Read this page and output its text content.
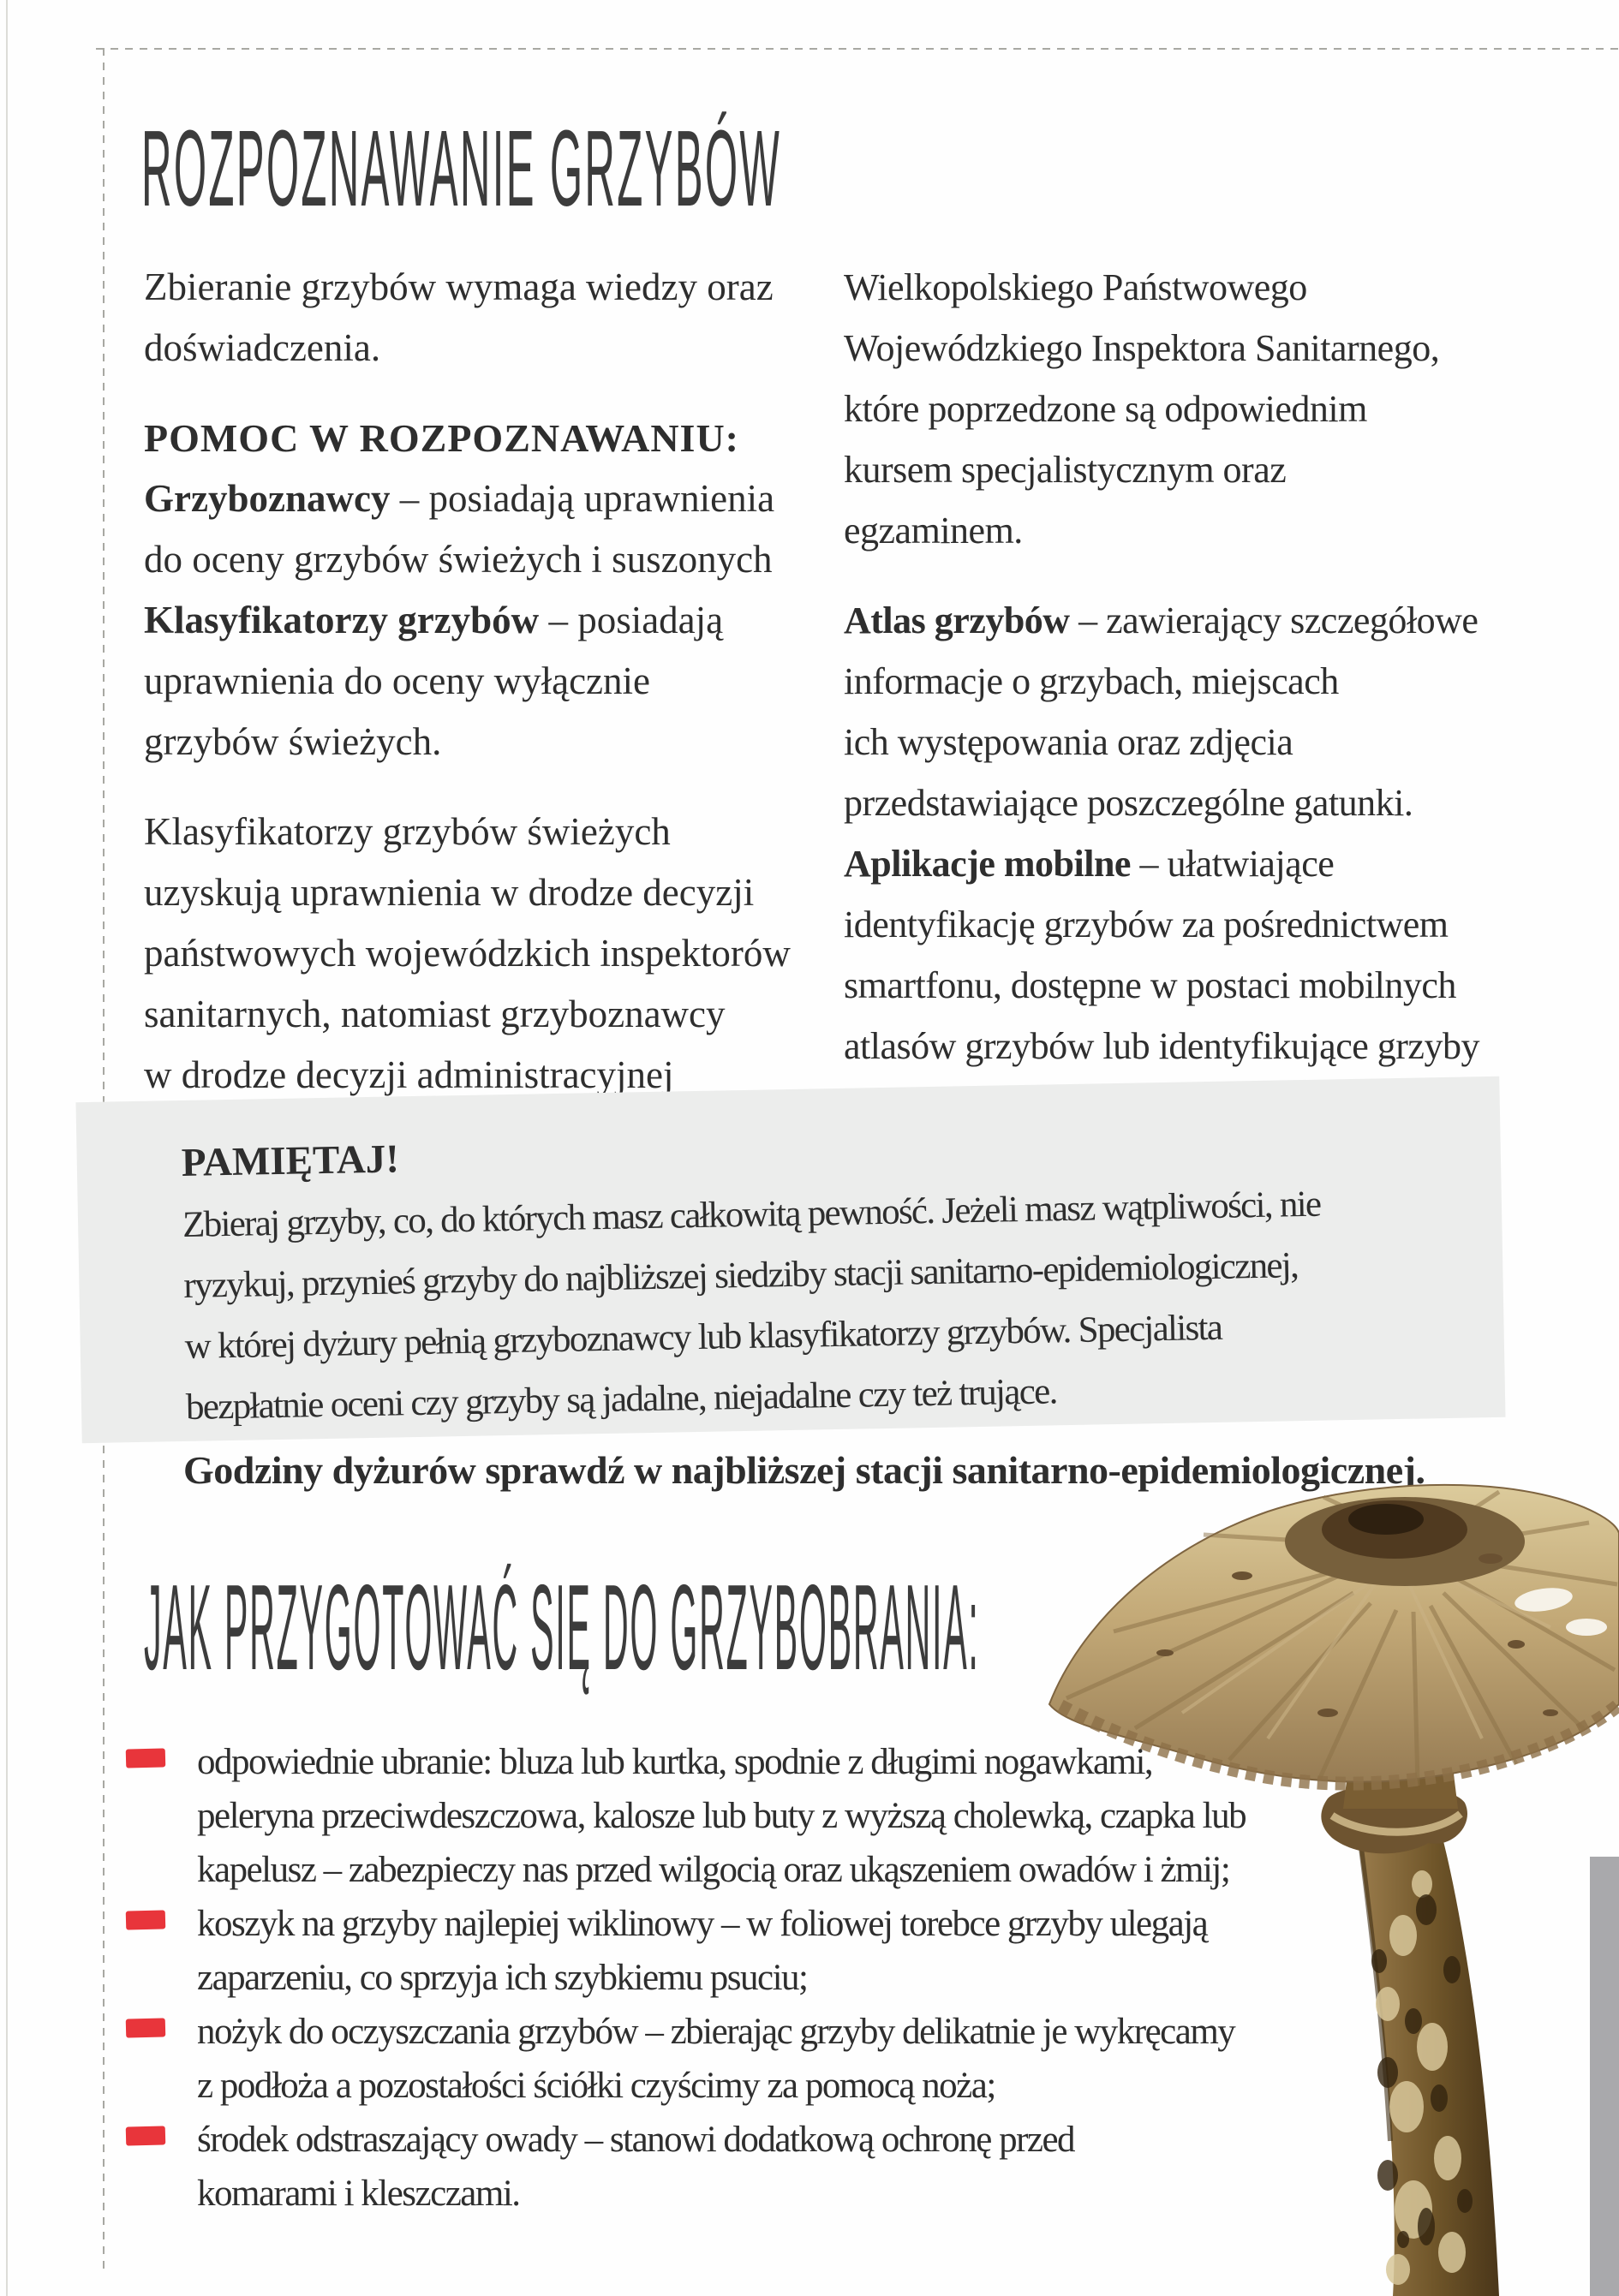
ROZPOZNAWANIE GRZYBÓW
Zbieranie grzybów wymaga wiedzy oraz
doświadczenia.
POMOC W ROZPOZNAWANIU:
Grzyboznawcy – posiadają uprawnienia
do oceny grzybów świeżych i suszonych
Klasyfikatorzy grzybów – posiadają
uprawnienia do oceny wyłącznie
grzybów świeżych.
Klasyfikatorzy grzybów świeżych
uzyskują uprawnienia w drodze decyzji
państwowych wojewódzkich inspektorów
sanitarnych, natomiast grzyboznawcy
w drodze decyzji administracyjnej
Wielkopolskiego Państwowego
Wojewódzkiego Inspektora Sanitarnego,
które poprzedzone są odpowiednim
kursem specjalistycznym oraz
egzaminem.
Atlas grzybów – zawierający szczegółowe
informacje o grzybach, miejscach
ich występowania oraz zdjęcia
przedstawiające poszczególne gatunki.
Aplikacje mobilne – ułatwiające
identyfikację grzybów za pośrednictwem
smartfonu, dostępne w postaci mobilnych
atlasów grzybów lub identyfikujące grzyby
PAMIĘTAJ!
Zbieraj grzyby, co, do których masz całkowitą pewność. Jeżeli masz wątpliwości, nie
ryzykuj, przynieś grzyby do najbliższej siedziby stacji sanitarno-epidemiologicznej,
w której dyżury pełnią grzyboznawcy lub klasyfikatorzy grzybów. Specjalista
bezpłatnie oceni czy grzyby są jadalne, niejadalne czy też trujące.
Godziny dyżurów sprawdź w najbliższej stacji sanitarno-epidemiologicznej.
JAK PRZYGOTOWAĆ SIĘ DO GRZYBOBRANIA:
odpowiednie ubranie: bluza lub kurtka, spodnie z długimi nogawkami,
peleryna przeciwdeszczowa, kalosze lub buty z wyższą cholewką, czapka lub
kapelusz – zabezpieczy nas przed wilgocią oraz ukąszeniem owadów i żmij;
koszyk na grzyby najlepiej wiklinowy – w foliowej torebce grzyby ulegają
zaparzeniu, co sprzyja ich szybkiemu psuciu;
nożyk do oczyszczania grzybów – zbierając grzyby delikatnie je wykręcamy
z podłoża a pozostałości ściółki czyścimy za pomocą noża;
środek odstraszający owady – stanowi dodatkową ochronę przed
komarami i kleszczami.
